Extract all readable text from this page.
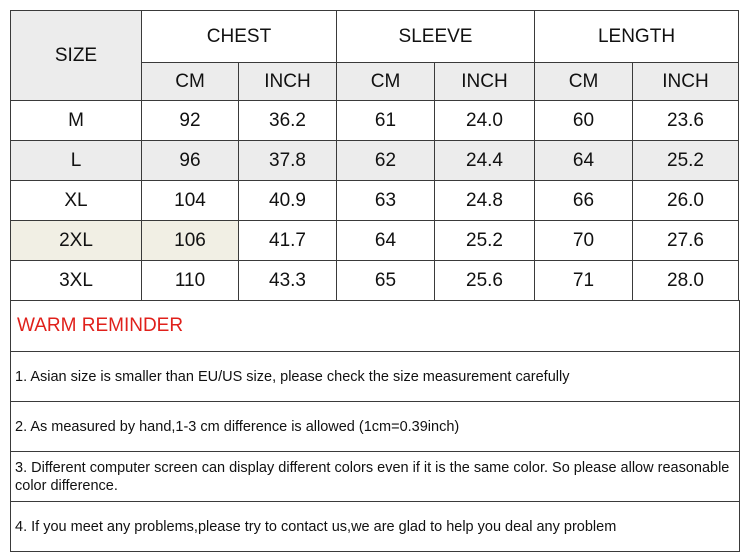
SIZE	CHEST		SLEEVE		LENGTH	
	CM	INCH	CM	INCH	CM	INCH
M	92	36.2	61	24.0	60	23.6
L	96	37.8	62	24.4	64	25.2
XL	104	40.9	63	24.8	66	26.0
2XL	106	41.7	64	25.2	70	27.6
3XL	110	43.3	65	25.6	71	28.0
WARM REMINDER
1. Asian size is smaller than EU/US size, please check the size measurement carefully
2. As measured by hand,1-3 cm difference is allowed (1cm=0.39inch)
3. Different computer screen can display different colors even if it is the same color. So please allow reasonable color difference.
4. If you meet any problems,please try to contact us,we are glad to help you deal any problem
